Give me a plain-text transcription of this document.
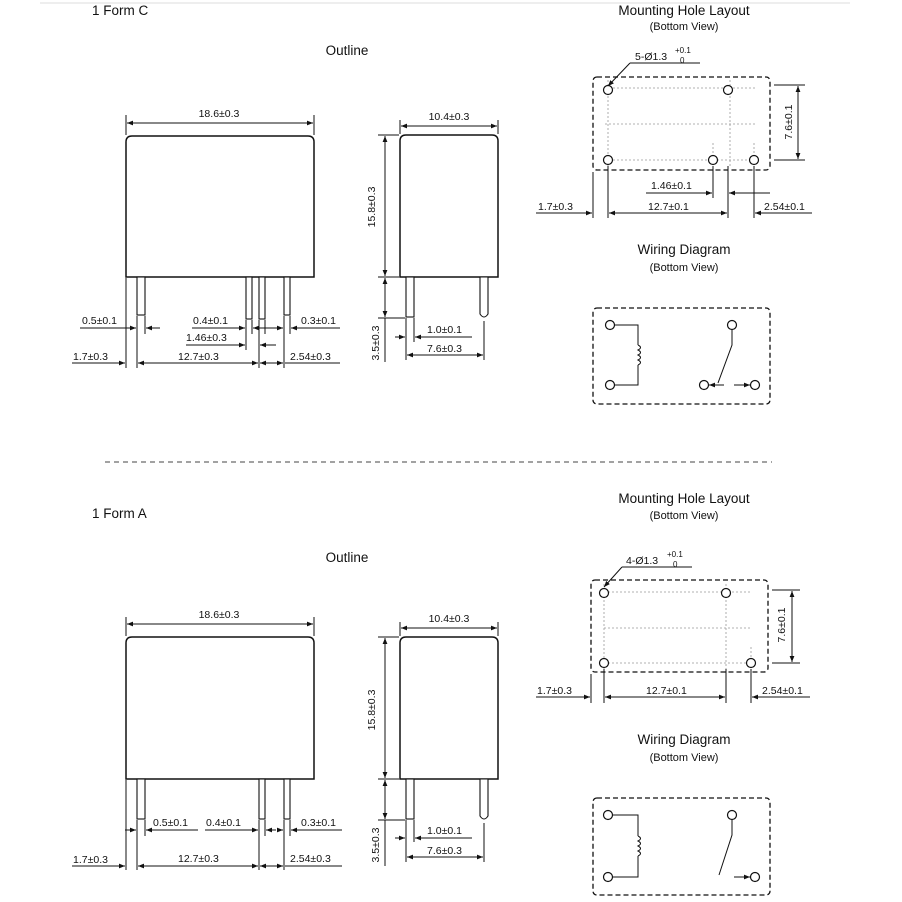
1 Form C
Outline
18.6±0.3
0.5±0.1	0.4±0.1	0.3±0.1
1.46±0.3
1.7±0.3	12.7±0.3	2.54±0.3
10.4±0.3
15.8±0.3
3.5±0.3	1.0±0.1
7.6±0.3
Mounting Hole Layout
(Bottom View)
5-Ø1.3
+0.1
0
7.6±0.1
1.46±0.1
1.7±0.3	12.7±0.1	2.54±0.1
Wiring Diagram
(Bottom View)
1 Form A
Outline
18.6±0.3
0.5±0.1 0.4±0.1	0.3±0.1
1.7±0.3	12.7±0.3	2.54±0.3
10.4±0.3
15.8±0.3
3.5±0.3	1.0±0.1
7.6±0.3
Mounting Hole Layout
(Bottom View)
4-Ø1.3
+0.1
0
7.6±0.1
1.7±0.3	12.7±0.1	2.54±0.1
Wiring Diagram
(Bottom View)
